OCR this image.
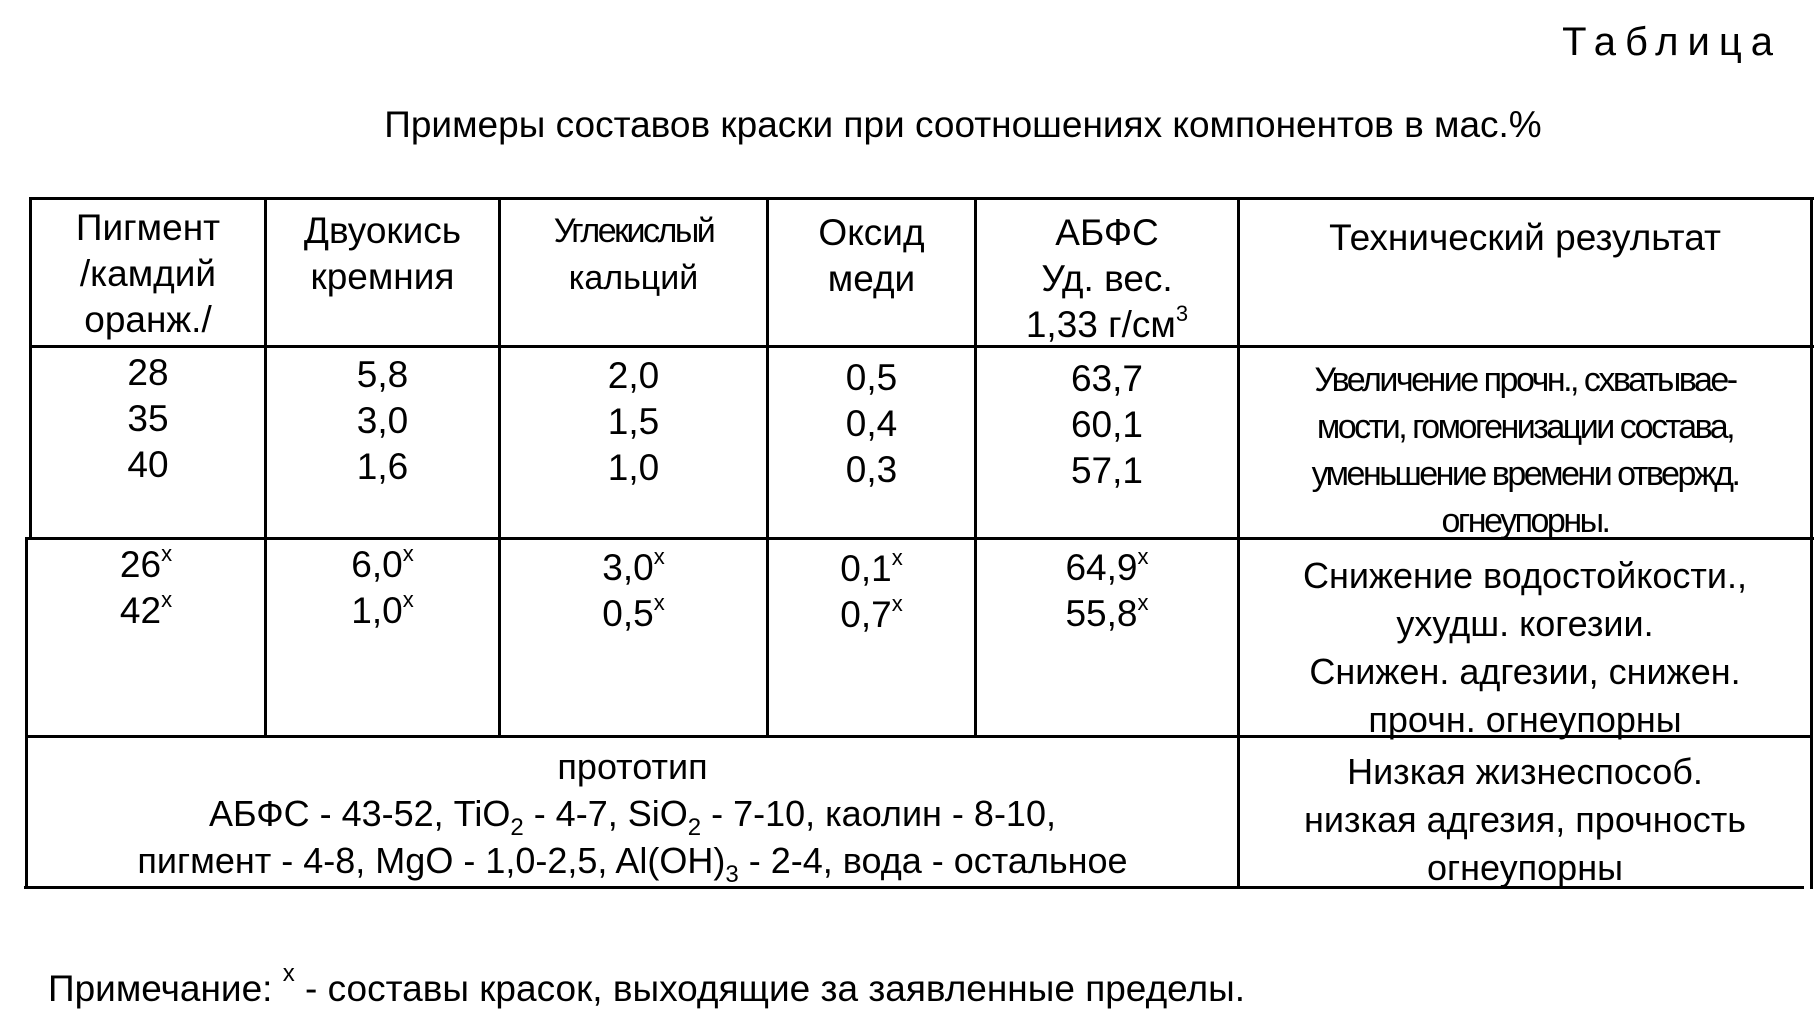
Таблица
Примеры составов краски при соотношениях компонентов в мас.%
Пигмент
/камдий
оранж./
Двуокись
кремния
Углекислый
кальций
Оксид
меди
АБФС
Уд. вес.
1,33 $г/см^3$
Технический результат
28
35
40
5,8
3,0
1,6
2,0
1,5
1,0
0,5
0,4
0,3
63,7
60,1
57,1
Увеличение прочн., схватывае-
мости, гомогенизации состава,
уменьшение времени отвержд.
огнеупорны.
26$^x$
42$^x$
6,0$^x$
1,0$^x$
3,0$^x$
0,5$^x$
0,1$^x$
0,7$^x$
64,9$^x$
55,8$^x$
Снижение водостойкости.,
ухудш. когезии.
Снижен. адгезии, снижен.
прочн. огнеупорны
прототип
АБФС - 43-52, TiO$_2$ - 4-7, SiO$_2$ - 7-10, каолин - 8-10,
пигмент - 4-8, MgO - 1,0-2,5, $Al(OH)_3 - 2-4$, вода - остальное
Низкая жизнеспособ.
низкая адгезия, прочность
огнеупорны
Примечание: $^x$ - составы красок, выходящие за заявленные пределы.
